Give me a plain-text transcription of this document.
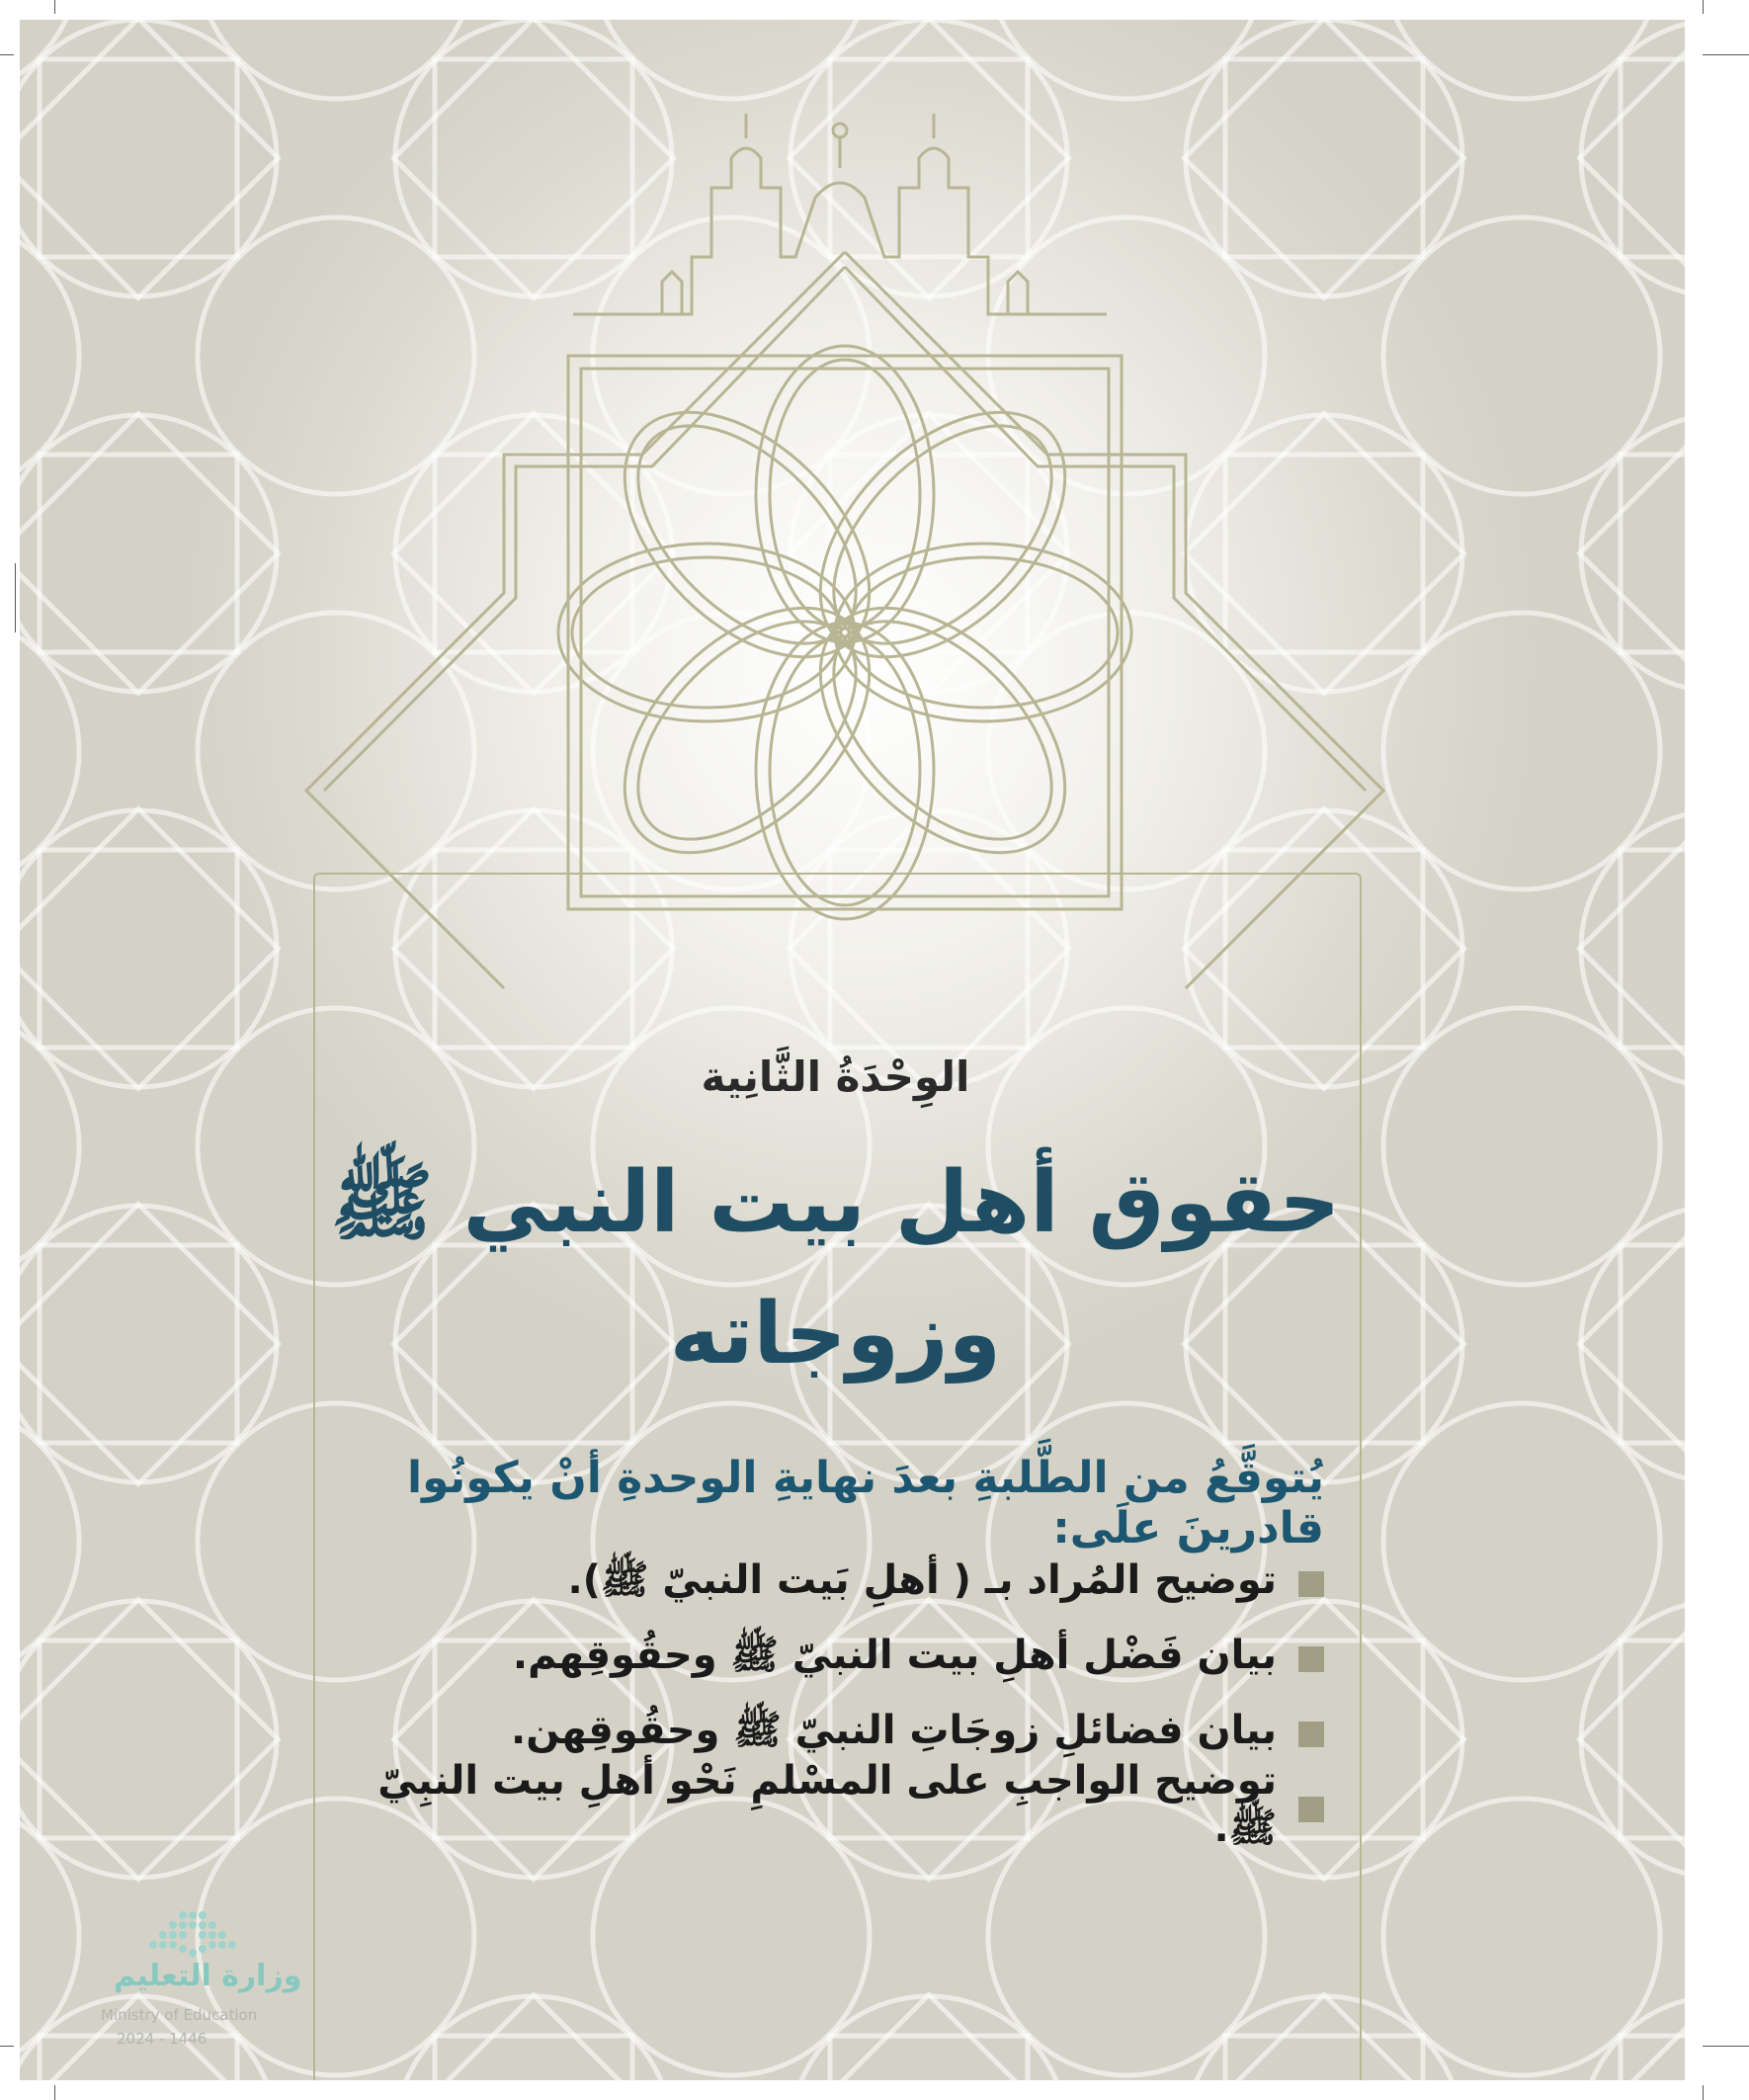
الوِحْدَةُ الثَّانِية
حقوق أهل بيت النبي ﷺ
وزوجاته
يُتوقَّعُ من الطَّلبةِ بعدَ نهايةِ الوحدةِ أنْ يكونُوا قادرينَ علَى:
توضيح المُراد بـ ( أهلِ بَيت النبيّ ﷺ).
بيان فَضْل أهلِ بيت النبيّ ﷺ وحقُوقِهم.
بيان فضائلِ زوجَاتِ النبيّ ﷺ وحقُوقِهن.
توضيح الواجبِ على المسْلمِ نَحْو أهلِ بيت النبِيّ ﷺ.
وزارة التعليم
Ministry of Education
2024 - 1446
